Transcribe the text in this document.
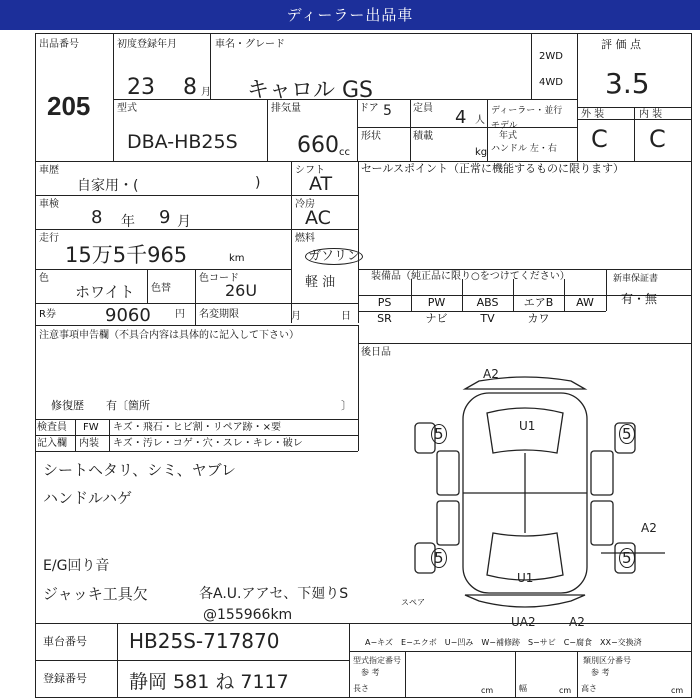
ディーラー出品車
出品番号
205
初度登録年月
23 8 月
車名・グレード
キャロル GS
2WD
4WD
評 価 点
3.5
型式
DBA-HB25S
排気量
660 cc
ドア 5 定員 4 人
ディーラー・並行
モデル
年式
ハンドル 左・右
形状	積載
kg
外 装	内 装
C C
車歴
自家用・(	)
シフト
AT
セールスポイント（正常に機能するものに限ります）
車検
8 年 9 月
冷房
AC
走行
15万5千965	km
燃料
ガソリン
軽 油
色
ホワイト 色替
色コード
26U
装備品（純正品に限り○をつけてください）
PS	PW	ABS	エアB	AW
SR	ナビ	TV	カワ
新車保証書
有・無
後日品
R券	9060 円 名変期限	月	日
注意事項申告欄（不具合内容は具体的に記入して下さい）
修復歴　　有〔箇所	〕
検査員 FW キズ・飛石・ヒビ割・リペア跡・×要
記入欄 内装 キズ・汚レ・コゲ・穴・スレ・キレ・破レ
シートヘタリ、シミ、ヤブレ
ハンドルハゲ
E/G回り音
ジャッキ工具欠	各A.U.アアセ、下廻りS
@155966km
A2
U1
5	5
5	5
A2
U1
UA2	A2
スペア
車台番号 HB25S-717870
登録番号 静岡 581 ね 7117
A−キズ　E−エクボ　U−凹み　W−補修跡　S−サビ　C−腐食　XX−交換済
型式指定番号
参 考
類別区分番号
参 考
長さ	cm	幅	cm 高さ	cm
